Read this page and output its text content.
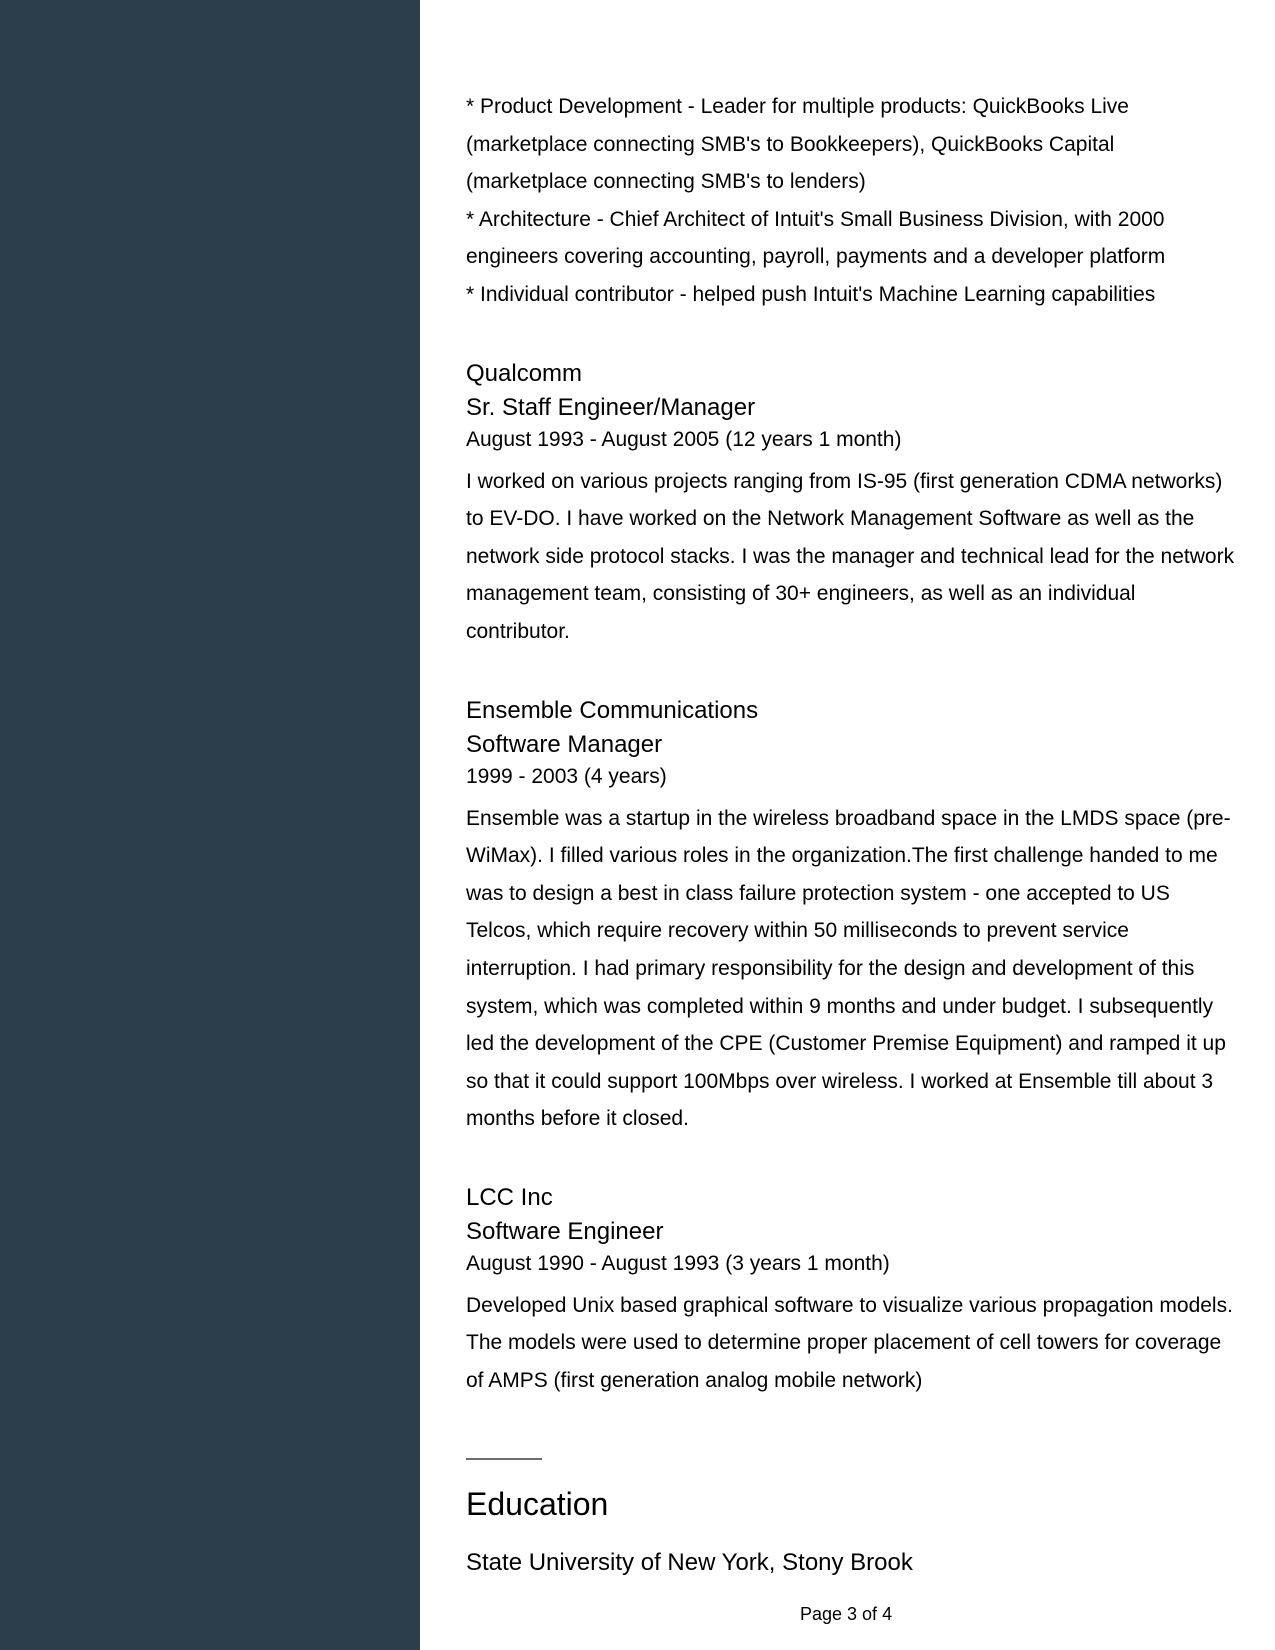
* Product Development - Leader for multiple products: QuickBooks Live (marketplace connecting SMB's to Bookkeepers), QuickBooks Capital (marketplace connecting SMB's to lenders)

* Architecture - Chief Architect of Intuit's Small Business Division, with 2000 engineers covering accounting, payroll, payments and a developer platform

* Individual contributor - helped push Intuit's Machine Learning capabilities

Qualcomm

Sr. Staff Engineer/Manager

August 1993 - August 2005 (12 years 1 month)

I worked on various projects ranging from IS-95 (first generation CDMA networks) to EV-DO. I have worked on the Network Management Software as well as the network side protocol stacks. I was the manager and technical lead for the network management team, consisting of 30+ engineers, as well as an individual contributor.

Ensemble Communications

Software Manager

1999 - 2003 (4 years)

Ensemble was a startup in the wireless broadband space in the LMDS space (pre-WiMax). I filled various roles in the organization.The first challenge handed to me was to design a best in class failure protection system - one accepted to US Telcos, which require recovery within 50 milliseconds to prevent service interruption. I had primary responsibility for the design and development of this system, which was completed within 9 months and under budget. I subsequently led the development of the CPE (Customer Premise Equipment) and ramped it up so that it could support 100Mbps over wireless. I worked at Ensemble till about 3 months before it closed.

LCC Inc

Software Engineer

August 1990 - August 1993 (3 years 1 month)

Developed Unix based graphical software to visualize various propagation models. The models were used to determine proper placement of cell towers for coverage of AMPS (first generation analog mobile network)

Education

State University of New York, Stony Brook

Page 3 of 4
